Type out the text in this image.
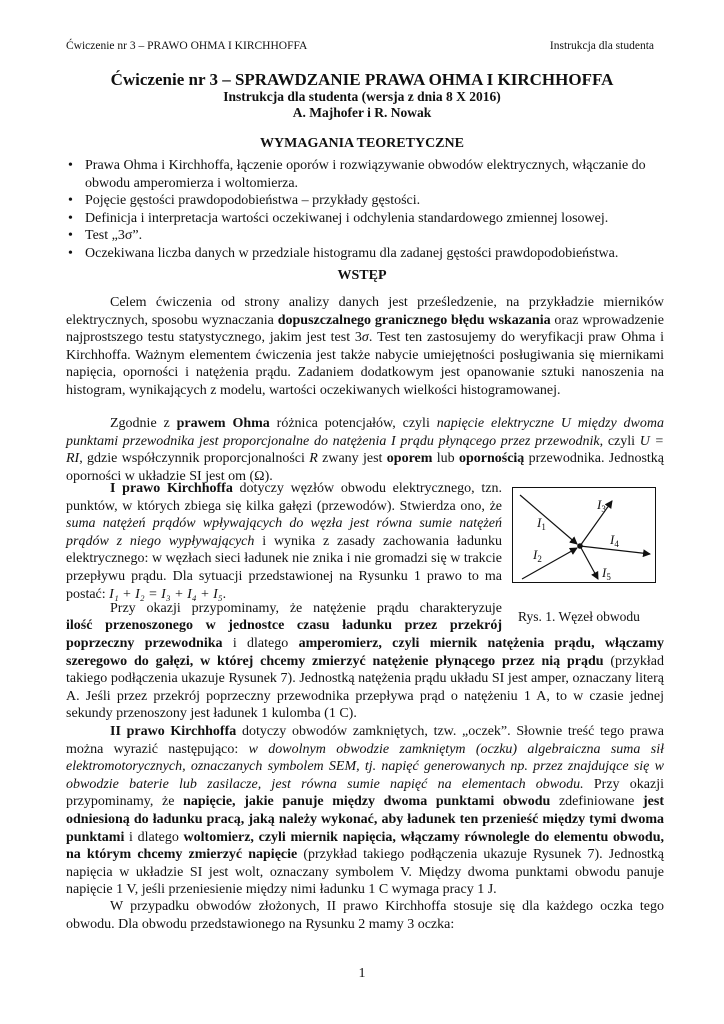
Ćwiczenie nr 3 – PRAWO OHMA I KIRCHHOFFA	Instrukcja dla studenta
Ćwiczenie nr 3 – SPRAWDZANIE PRAWA OHMA I KIRCHHOFFA
Instrukcja dla studenta (wersja z dnia 8 X 2016)
A. Majhofer i R. Nowak
WYMAGANIA TEORETYCZNE
• Prawa Ohma i Kirchhoffa, łączenie oporów i rozwiązywanie obwodów elektrycznych, włączanie do obwodu amperomierza i woltomierza.
• Pojęcie gęstości prawdopodobieństwa – przykłady gęstości.
• Definicja i interpretacja wartości oczekiwanej i odchylenia standardowego zmiennej losowej.
• Test „3σ”.
• Oczekiwana liczba danych w przedziale histogramu dla zadanej gęstości prawdopodobieństwa.
WSTĘP

Celem ćwiczenia od strony analizy danych jest prześledzenie, na przykładzie mierników elektrycznych, sposobu wyznaczania dopuszczalnego granicznego błędu wskazania oraz wprowadzenie najprostszego testu statystycznego, jakim jest test 3σ. Test ten zastosujemy do weryfikacji praw Ohma i Kirchhoffa. Ważnym elementem ćwiczenia jest także nabycie umiejętności posługiwania się miernikami napięcia, oporności i natężenia prądu. Zadaniem dodatkowym jest opanowanie sztuki nanoszenia na histogram, wynikających z modelu, wartości oczekiwanych wielkości histogramowanej.

Zgodnie z prawem Ohma różnica potencjałów, czyli napięcie elektryczne U między dwoma punktami przewodnika jest proporcjonalne do natężenia I prądu płynącego przez przewodnik, czyli U = RI, gdzie współczynnik proporcjonalności R zwany jest oporem lub opornością przewodnika. Jednostką oporności w układzie SI jest om (Ω).

I prawo Kirchhoffa dotyczy węzłów obwodu elektrycznego, tzn. punktów, w których zbiega się kilka gałęzi (przewodów). Stwierdza ono, że suma natężeń prądów wpływających do węzła jest równa sumie natężeń prądów z niego wypływających i wynika z zasady zachowania ładunku elektrycznego: w węzłach sieci ładunek nie znika i nie gromadzi się w trakcie przepływu prądu. Dla sytuacji przedstawionej na Rysunku 1 prawo to ma postać: I₁ + I₂ = I₃ + I₄ + I₅.

Przy okazji przypominamy, że natężenie prądu charakteryzuje

ilość przenoszonego w jednostce czasu ładunku przez przekrój

poprzeczny przewodnika i dlatego amperomierz, czyli miernik natężenia prądu, włączamy szeregowo do gałęzi, w której chcemy zmierzyć natężenie płynącego przez nią prądu (przykład takiego podłączenia ukazuje Rysunek 7). Jednostką natężenia prądu układu SI jest amper, oznaczany literą A. Jeśli przez przekrój poprzeczny przewodnika przepływa prąd o natężeniu 1 A, to w czasie jednej sekundy przenoszony jest ładunek 1 kulomba (1 C).

II prawo Kirchhoffa dotyczy obwodów zamkniętych, tzw. „oczek”. Słownie treść tego prawa można wyrazić następująco: w dowolnym obwodzie zamkniętym (oczku) algebraiczna suma sił elektromotorycznych, oznaczanych symbolem SEM, tj. napięć generowanych np. przez znajdujące się w obwodzie baterie lub zasilacze, jest równa sumie napięć na elementach obwodu. Przy okazji przypominamy, że napięcie, jakie panuje między dwoma punktami obwodu zdefiniowane jest odniesioną do ładunku pracą, jaką należy wykonać, aby ładunek ten przenieść między tymi dwoma punktami i dlatego woltomierz, czyli miernik napięcia, włączamy równolegle do elementu obwodu, na którym chcemy zmierzyć napięcie (przykład takiego podłączenia ukazuje Rysunek 7). Jednostką napięcia w układzie SI jest wolt, oznaczany symbolem V. Między dwoma punktami obwodu panuje napięcie 1 V, jeśli przeniesienie między nimi ładunku 1 C wymaga pracy 1 J.

W przypadku obwodów złożonych, II prawo Kirchhoffa stosuje się dla każdego oczka tego obwodu. Dla obwodu przedstawionego na Rysunku 2 mamy 3 oczka:

$I_1$
$I_2$
$I_3$
$I_4$
$I_5$
Rys. 1. Węzeł obwodu
1
